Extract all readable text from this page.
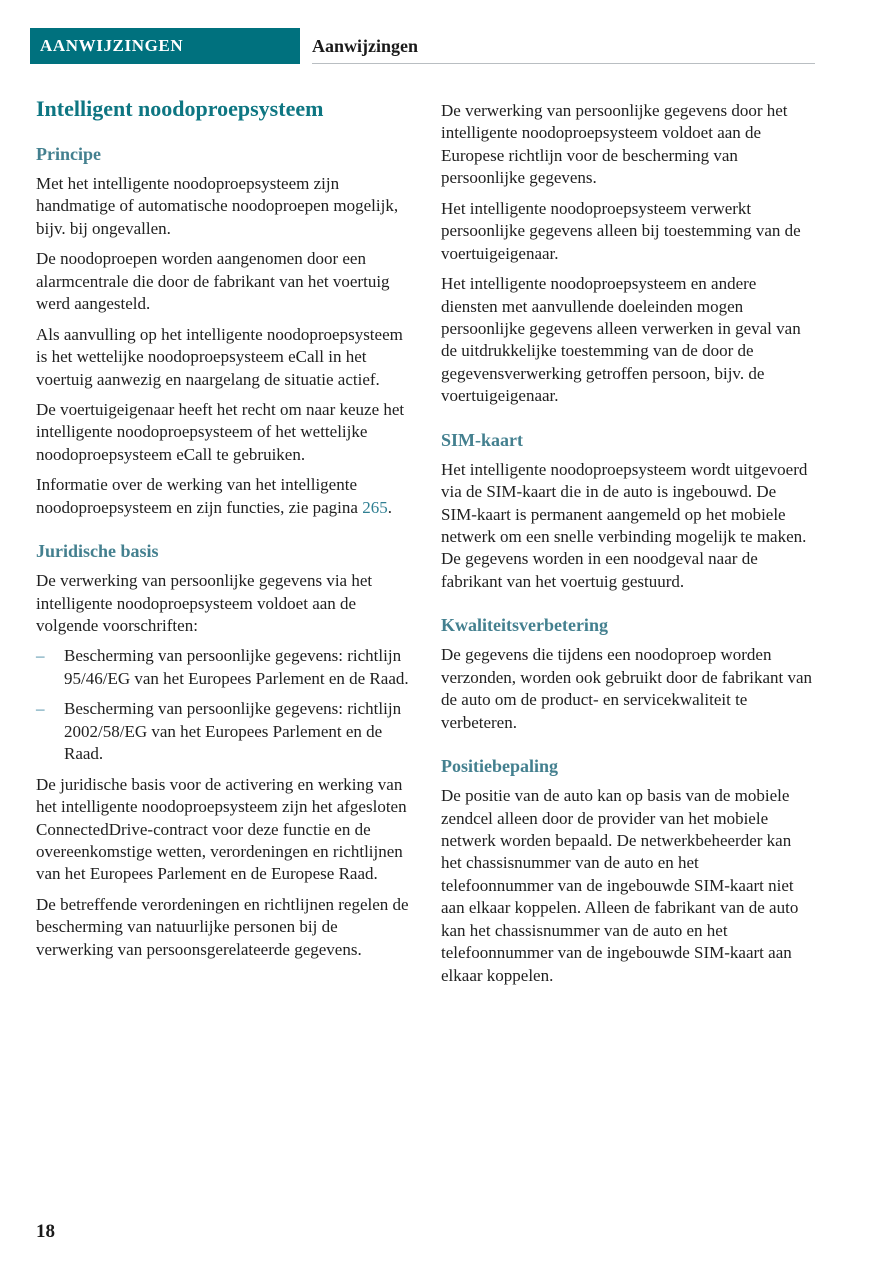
AANWIJZINGEN	Aanwijzingen
Intelligent noodoproepsysteem
Principe

Met het intelligente noodoproepsysteem zijn handmatige of automatische noodoproepen mogelijk, bijv. bij ongevallen.

De noodoproepen worden aangenomen door een alarmcentrale die door de fabrikant van het voertuig werd aangesteld.

Als aanvulling op het intelligente noodoproepsysteem is het wettelijke noodoproepsysteem eCall in het voertuig aanwezig en naargelang de situatie actief.

De voertuigeigenaar heeft het recht om naar keuze het intelligente noodoproepsysteem of het wettelijke noodoproepsysteem eCall te gebruiken.

Informatie over de werking van het intelligente noodoproepsysteem en zijn functies, zie pagina 265.

Juridische basis

De verwerking van persoonlijke gegevens via het intelligente noodoproepsysteem voldoet aan de volgende voorschriften:

–	Bescherming van persoonlijke gegevens: richtlijn 95/46/EG van het Europees Parlement en de Raad.
–	Bescherming van persoonlijke gegevens: richtlijn 2002/58/EG van het Europees Parlement en de Raad.

De juridische basis voor de activering en werking van het intelligente noodoproepsysteem zijn het afgesloten ConnectedDrive-contract voor deze functie en de overeenkomstige wetten, verordeningen en richtlijnen van het Europees Parlement en de Europese Raad.

De betreffende verordeningen en richtlijnen regelen de bescherming van natuurlijke personen bij de verwerking van persoonsgerelateerde gegevens.

De verwerking van persoonlijke gegevens door het intelligente noodoproepsysteem voldoet aan de Europese richtlijn voor de bescherming van persoonlijke gegevens.

Het intelligente noodoproepsysteem verwerkt persoonlijke gegevens alleen bij toestemming van de voertuigeigenaar.

Het intelligente noodoproepsysteem en andere diensten met aanvullende doeleinden mogen persoonlijke gegevens alleen verwerken in geval van de uitdrukkelijke toestemming van de door de gegevensverwerking getroffen persoon, bijv. de voertuigeigenaar.

SIM-kaart

Het intelligente noodoproepsysteem wordt uitgevoerd via de SIM-kaart die in de auto is ingebouwd. De SIM-kaart is permanent aangemeld op het mobiele netwerk om een snelle verbinding mogelijk te maken. De gegevens worden in een noodgeval naar de fabrikant van het voertuig gestuurd.

Kwaliteitsverbetering

De gegevens die tijdens een noodoproep worden verzonden, worden ook gebruikt door de fabrikant van de auto om de product- en servicekwaliteit te verbeteren.

Positiebepaling

De positie van de auto kan op basis van de mobiele zendcel alleen door de provider van het mobiele netwerk worden bepaald. De netwerkbeheerder kan het chassisnummer van de auto en het telefoonnummer van de ingebouwde SIM-kaart niet aan elkaar koppelen. Alleen de fabrikant van de auto kan het chassisnummer van de auto en het telefoonnummer van de ingebouwde SIM-kaart aan elkaar koppelen.

18
